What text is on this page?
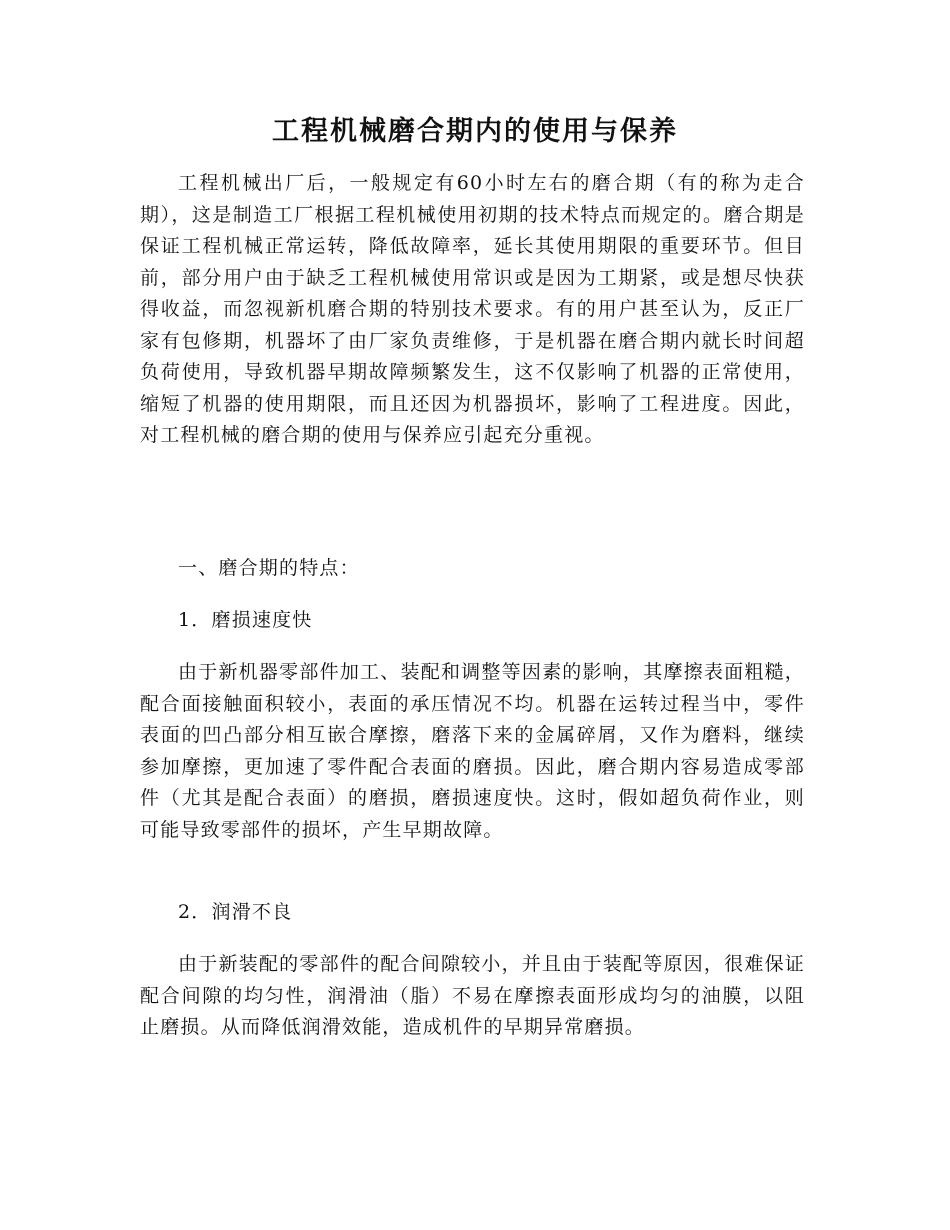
工程机械磨合期内的使用与保养

工程机械出厂后，一般规定有60小时左右的磨合期（有的称为走合期），这是制造工厂根据工程机械使用初期的技术特点而规定的。磨合期是保证工程机械正常运转，降低故障率，延长其使用期限的重要环节。但目前，部分用户由于缺乏工程机械使用常识或是因为工期紧，或是想尽快获得收益，而忽视新机磨合期的特别技术要求。有的用户甚至认为，反正厂家有包修期，机器坏了由厂家负责维修，于是机器在磨合期内就长时间超负荷使用，导致机器早期故障频繁发生，这不仅影响了机器的正常使用，缩短了机器的使用期限，而且还因为机器损坏，影响了工程进度。因此，对工程机械的磨合期的使用与保养应引起充分重视。

一、磨合期的特点：

1．磨损速度快

由于新机器零部件加工、装配和调整等因素的影响，其摩擦表面粗糙，配合面接触面积较小，表面的承压情况不均。机器在运转过程当中，零件表面的凹凸部分相互嵌合摩擦，磨落下来的金属碎屑，又作为磨料，继续参加摩擦，更加速了零件配合表面的磨损。因此，磨合期内容易造成零部件（尤其是配合表面）的磨损，磨损速度快。这时，假如超负荷作业，则可能导致零部件的损坏，产生早期故障。

2．润滑不良

由于新装配的零部件的配合间隙较小，并且由于装配等原因，很难保证配合间隙的均匀性，润滑油（脂）不易在摩擦表面形成均匀的油膜，以阻止磨损。从而降低润滑效能，造成机件的早期异常磨损。
